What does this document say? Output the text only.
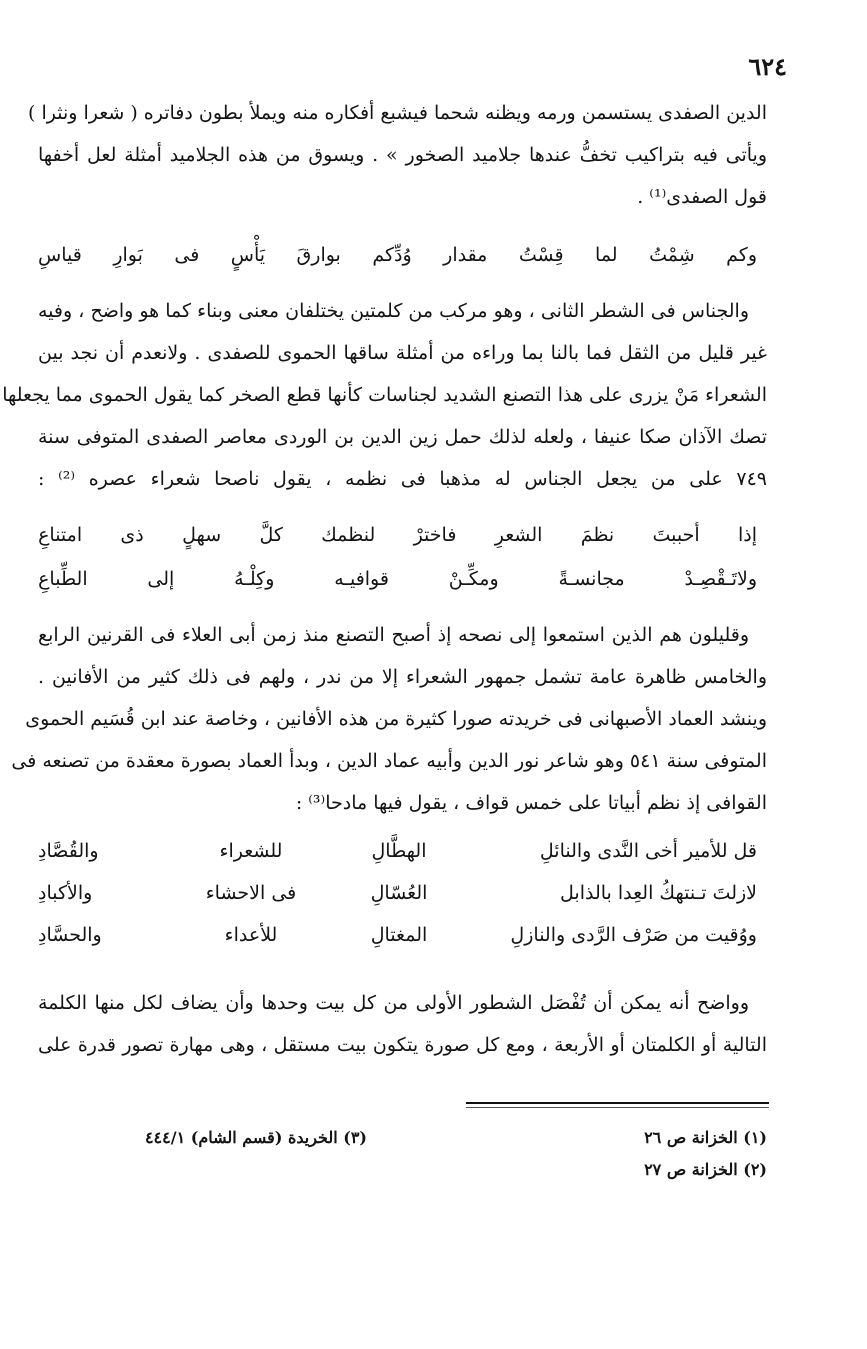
٦٢٤
الدين الصفدى يستسمن ورمه ويظنه شحما فيشبع أفكاره منه ويملأ بطون دفاتره ( شعرا ونثرا )
ويأتى فيه بتراكيب تخفُّ عندها جلاميد الصخور » . ويسوق من هذه الجلاميد أمثلة لعل أخفها
قول الصفدى⁽¹⁾ .
وكم
شِمْتُ
لما
قِسْتُ
مقدار
وُدِّكم
بوارقَ
يَأْسٍ
فى
بَوارِ
قياسِ
والجناس فى الشطر الثانى ، وهو مركب من كلمتين يختلفان معنى وبناء كما هو واضح ، وفيه
غير قليل من الثقل فما بالنا بما وراءه من أمثلة ساقها الحموى للصفدى . ولانعدم أن نجد بين
الشعراء مَنْ يزرى على هذا التصنع الشديد لجناسات كأنها قطع الصخر كما يقول الحموى مما يجعلها
تصك الآذان صكا عنيفا ، ولعله لذلك حمل زين الدين بن الوردى معاصر الصفدى المتوفى سنة
٧٤٩ على من يجعل الجناس له مذهبا فى نظمه ، يقول ناصحا شعراء عصره ⁽²⁾ :
إذا
أحببتَ
نظمَ
الشعرِ
فاخترْ
لنظمك
كلَّ
سهلٍ
ذى
امتناعِ
ولاتَـقْصِـدْ
مجانسـةً
ومكِّـنْ
قوافيـه
وكِلْـهُ
إلى
الطِّباعِ
وقليلون هم الذين استمعوا إلى نصحه إذ أصبح التصنع منذ زمن أبى العلاء فى القرنين الرابع
والخامس ظاهرة عامة تشمل جمهور الشعراء إلا من ندر ، ولهم فى ذلك كثير من الأفانين .
وينشد العماد الأصبهانى فى خريدته صورا كثيرة من هذه الأفانين ، وخاصة عند ابن قُسَيم الحموى
المتوفى سنة ٥٤١ وهو شاعر نور الدين وأبيه عماد الدين ، وبدأ العماد بصورة معقدة من تصنعه فى
القوافى إذ نظم أبياتا على خمس قواف ، يقول فيها مادحا⁽³⁾ :
قل للأمير أخى النَّدى والنائلِ
الهطَّالِ
للشعراء
والقُصَّادِ
لازلتَ تـنتهكُ العِدا بالذابل
العُسّالِ
فى الاحشاء
والأكبادِ
ووُقيت من صَرْف الرَّدى والنازلِ
المغتالِ
للأعداء
والحسَّادِ
وواضح أنه يمكن أن تُفْصَل الشطور الأولى من كل بيت وحدها وأن يضاف لكل منها الكلمة
التالية أو الكلمتان أو الأربعة ، ومع كل صورة يتكون بيت مستقل ، وهى مهارة تصور قدرة على
(١) الخزانة ص ٢٦
(٢) الخزانة ص ٢٧
(٣) الخريدة (قسم الشام) ٤٤٤/١
